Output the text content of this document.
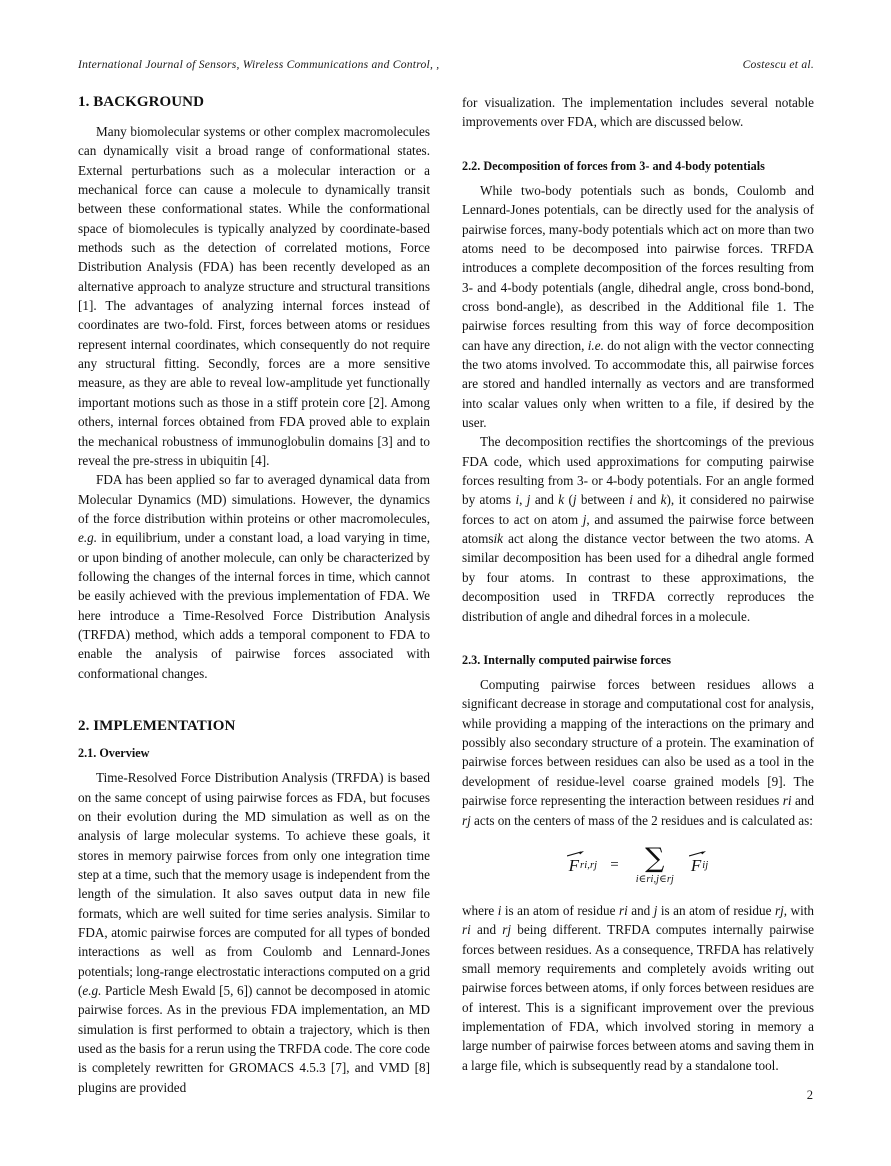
International Journal of Sensors, Wireless Communications and Control, ,	Costescu et al.
1. BACKGROUND

Many biomolecular systems or other complex macromolecules can dynamically visit a broad range of conformational states. External perturbations such as a molecular interaction or a mechanical force can cause a molecule to dynamically transit between these conformational states. While the conformational space of biomolecules is typically analyzed by coordinate-based methods such as the detection of correlated motions, Force Distribution Analysis (FDA) has been recently developed as an alternative approach to analyze structure and structural transitions [1]. The advantages of analyzing internal forces instead of coordinates are two-fold. First, forces between atoms or residues represent internal coordinates, which consequently do not require any structural fitting. Secondly, forces are a more sensitive measure, as they are able to reveal low-amplitude yet functionally important motions such as those in a stiff protein core [2]. Among others, internal forces obtained from FDA proved able to explain the mechanical robustness of immunoglobulin domains [3] and to reveal the pre-stress in ubiquitin [4].

FDA has been applied so far to averaged dynamical data from Molecular Dynamics (MD) simulations. However, the dynamics of the force distribution within proteins or other macromolecules, e.g. in equilibrium, under a constant load, a load varying in time, or upon binding of another molecule, can only be characterized by following the changes of the internal forces in time, which cannot be easily achieved with the previous implementation of FDA. We here introduce a Time-Resolved Force Distribution Analysis (TRFDA) method, which adds a temporal component to FDA to enable the analysis of pairwise forces associated with conformational changes.

2. IMPLEMENTATION
2.1. Overview

Time-Resolved Force Distribution Analysis (TRFDA) is based on the same concept of using pairwise forces as FDA, but focuses on their evolution during the MD simulation as well as on the analysis of large molecular systems. To achieve these goals, it stores in memory pairwise forces from only one integration time step at a time, such that the memory usage is independent from the length of the simulation. It also saves output data in new file formats, which are well suited for time series analysis. Similar to FDA, atomic pairwise forces are computed for all types of bonded interactions as well as from Coulomb and Lennard-Jones potentials; long-range electrostatic interactions computed on a grid (e.g. Particle Mesh Ewald [5, 6]) cannot be decomposed in atomic pairwise forces. As in the previous FDA implementation, an MD simulation is first performed to obtain a trajectory, which is then used as the basis for a rerun using the TRFDA code. The core code is completely rewritten for GROMACS 4.5.3 [7], and VMD [8] plugins are provided

for visualization. The implementation includes several notable improvements over FDA, which are discussed below.

2.2. Decomposition of forces from 3- and 4-body potentials

While two-body potentials such as bonds, Coulomb and Lennard-Jones potentials, can be directly used for the analysis of pairwise forces, many-body potentials which act on more than two atoms need to be decomposed into pairwise forces. TRFDA introduces a complete decomposition of the forces resulting from 3- and 4-body potentials (angle, dihedral angle, cross bond-bond, cross bond-angle), as described in the Additional file 1. The pairwise forces resulting from this way of force decomposition can have any direction, i.e. do not align with the vector connecting the two atoms involved. To accommodate this, all pairwise forces are stored and handled internally as vectors and are transformed into scalar values only when written to a file, if desired by the user.

The decomposition rectifies the shortcomings of the previous FDA code, which used approximations for computing pairwise forces resulting from 3- or 4-body potentials. For an angle formed by atoms i, j and k (j between i and k), it considered no pairwise forces to act on atom j, and assumed the pairwise force between atomsik act along the distance vector between the two atoms. A similar decomposition has been used for a dihedral angle formed by four atoms. In contrast to these approximations, the decomposition used in TRFDA correctly reproduces the distribution of angle and dihedral forces in a molecule.

2.3. Internally computed pairwise forces

Computing pairwise forces between residues allows a significant decrease in storage and computational cost for analysis, while providing a mapping of the interactions on the primary and possibly also secondary structure of a protein. The examination of pairwise forces between residues can also be used as a tool in the development of residue-level coarse grained models [9]. The pairwise force representing the interaction between residues ri and rj acts on the centers of mass of the 2 residues and is calculated as:

F ri,rj = ∑
i∈ri,j∈rj
F ij

where i is an atom of residue ri and j is an atom of residue rj, with ri and rj being different. TRFDA computes internally pairwise forces between residues. As a consequence, TRFDA has relatively small memory requirements and completely avoids writing out pairwise forces between atoms, if only forces between residues are of interest. This is a significant improvement over the previous implementation of FDA, which involved storing in memory a large number of pairwise forces between atoms and saving them in a large file, which is subsequently read by a standalone tool.

2
